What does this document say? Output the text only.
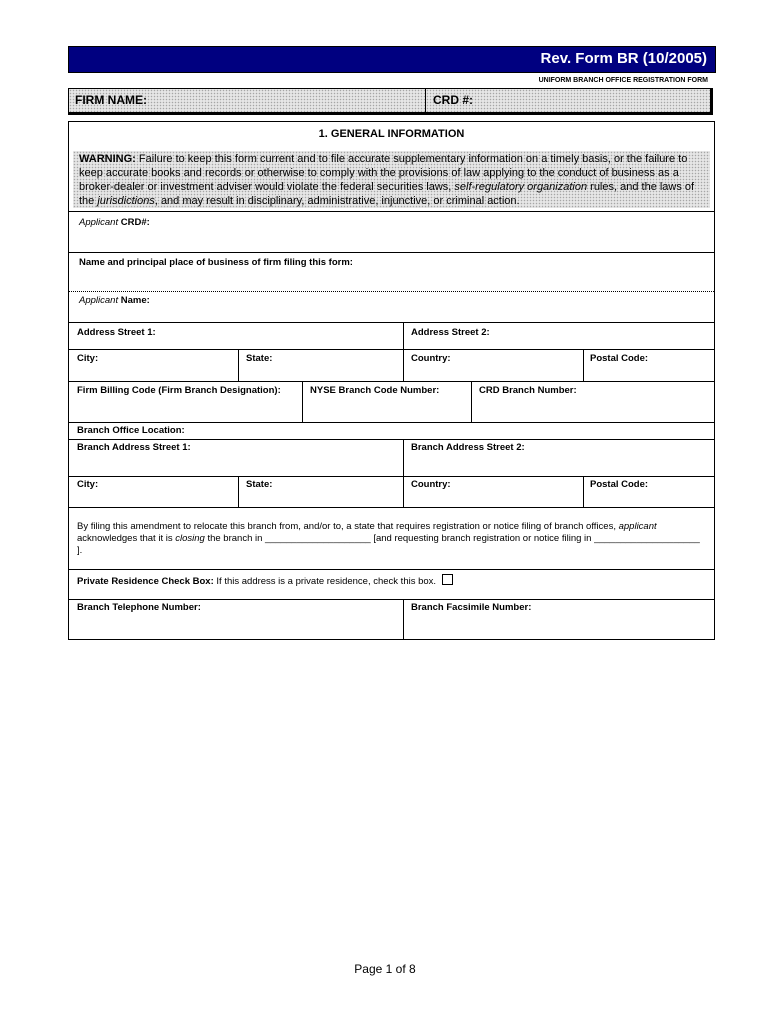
Rev. Form BR (10/2005)
UNIFORM BRANCH OFFICE REGISTRATION FORM
FIRM NAME:	CRD #:
1. GENERAL INFORMATION
WARNING: Failure to keep this form current and to file accurate supplementary information on a timely basis, or the failure to keep accurate books and records or otherwise to comply with the provisions of law applying to the conduct of business as a broker-dealer or investment adviser would violate the federal securities laws, self-regulatory organization rules, and the laws of the jurisdictions, and may result in disciplinary, administrative, injunctive, or criminal action.
Applicant CRD#:
Name and principal place of business of firm filing this form:
Applicant Name:
Address Street 1:	Address Street 2:
City:	State:	Country:	Postal Code:
Firm Billing Code (Firm Branch Designation):	NYSE Branch Code Number:	CRD Branch Number:
Branch Office Location:
Branch Address Street 1:	Branch Address Street 2:
City:	State:	Country:	Postal Code:
By filing this amendment to relocate this branch from, and/or to, a state that requires registration or notice filing of branch offices, applicant acknowledges that it is closing the branch in ____________________ [and requesting branch registration or notice filing in ____________________ ].
Private Residence Check Box: If this address is a private residence, check this box.
Branch Telephone Number:	Branch Facsimile Number:
Page 1 of 8
